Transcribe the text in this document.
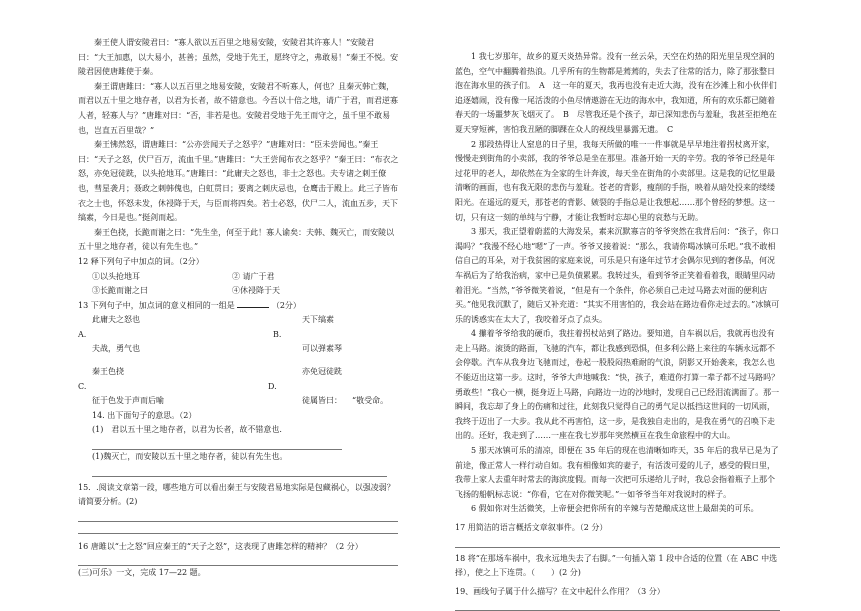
秦王使人谓安陵君曰：“寡人欲以五百里之地易安陵，安陵君其许寡人！”安陵君曰：“大王加惠，以大易小，甚善；虽然，受地于先王，愿终守之，弗敢易！”秦王不悦。安陵君因使唐雎使于秦。

秦王谓唐雎曰：“寡人以五百里之地易安陵，安陵君不听寡人，何也？且秦灭韩亡魏，而君以五十里之地存者，以君为长者，故不错意也。今吾以十倍之地，请广于君，而君逆寡人者，轻寡人与？”唐雎对曰：“否，非若是也。安陵君受地于先王而守之，虽千里不敢易也，岂直五百里哉？”

秦王怫然怒，谓唐雎曰：“公亦尝闻天子之怒乎？”唐雎对曰：“臣未尝闻也。”秦王曰：“天子之怒，伏尸百万，流血千里。”唐雎曰：“大王尝闻布衣之怒乎？”秦王曰：“布衣之怒，亦免冠徒跣，以头抢地耳。”唐雎曰：“此庸夫之怒也，非士之怒也。夫专诸之刺王僚也，彗星袭月；聂政之刺韩傀也，白虹贯日；要离之刺庆忌也，仓鹰击于殿上。此三子皆布衣之士也，怀怒未发，休祲降于天，与臣而将四矣。若士必怒，伏尸二人，流血五步，天下缟素，今日是也。”挺剑而起。

秦王色挠，长跪而谢之曰：“先生坐，何至于此！寡人谕矣：夫韩、魏灭亡，而安陵以五十里之地存者，徒以有先生也。”

12 释下列句子中加点的词。（2分）

①以头抢地耳	② 请广于君
③长跪而谢之曰	④休祲降于天

13 下列句子中，加点词的意义相同的一组是	（2分）

此庸夫之怒也	天下缟素
A.	B.
夫战，勇气也	可以弹素琴
秦王色挠	亦免冠徒跣
C.	D.
征于色发于声而后喻	徒属皆曰：	“敬受命。

14. 出下面句子的意思。（2）

(1)　君以五十里之地存者，以君为长者，故不错意也.

(1)魏灭亡，而安陵以五十里之地存者，徒以有先生也。

15．.阅读文章第一段，哪些地方可以看出秦王与安陵君易地实际是包藏祸心，以强凌弱？请简要分析。(2)

16 唐雎以“士之怒”回应秦王的“天子之怒”，这表现了唐雎怎样的精神？（2 分）

(三)可乐》一文，完成 17—22 题。

1 我七岁那年，故乡的夏天炎热异常。没有一丝云朵，天空在灼热的阳光里呈现空洞的蓝色，空气中翻腾着热浪。几乎所有的生物都是蔫蔫的，失去了往常的活力，除了那张整日泡在海水里的孩子们。　A　这一年的夏天，我再也没有走近大海，没有在沙滩上和小伙伴们追逐嬉闹，没有像一尾活泼的小鱼尽情遨游在无边的海水中，我知道，所有的欢乐都已随着春天的一场噩梦灰飞烟灭了。　B　尽管我还是个孩子，却已深知悲伤与羞耻，我甚至拒绝在夏天穿短裤，害怕我丑陋的脚踝在众人的视线里暴露无遗。　C

2 那段热得让人窒息的日子里，我每天所做的唯一一件事就是早早地注着拐杖离开家，慢慢走到街角的小卖部，我的爷爷总是坐在那里。准备开始一天的辛劳。我的爷爷已经是年过花甲的老人，却依然在为全家的生计奔波，每天坐在街角的小卖部里。这是我的记忆里最清晰的画面，也有我无限的悲伤与羞耻。苍老的背影，瘦削的手指，映着从暗处投来的缕缕阳光。在遥远的夏天，那苍老的背影、皴裂的手指总是让我想起……那个曾经的梦想。这一切，只有这一刻的单纯与宁静，才能让我暂时忘却心里的哀愁与无助。

3 那天，我正望着蔚蓝的大海发呆，素来沉默寡言的爷爷突然在我背后问：“孩子，你口渴吗？”我漫不经心地“嗯”了一声。爷爷又接着说：“那么，我请你喝冰镇可乐吧。”我不敢相信自己的耳朵，对于我贫困的家庭来说，可乐是只有逢年过节才会偶尔见到的奢侈品，何况车祸后为了给我治病，家中已是负债累累。我转过头，看到爷爷正笑着看着我，眼睛里闪动着泪光。“当然，”爷爷微笑着说，“但是有一个条件，你必须自己走过马路去对面的便利店买。”他见我沉默了，随后又补充道：“其实不用害怕的，我会站在路边看你走过去的。”冰镇可乐的诱惑实在太大了，我咬着牙点了点头。

4 攥着爷爷给我的硬币，我拄着拐杖站到了路边。要知道，自车祸以后，我就再也没有走上马路。滚烫的路面，飞驰的汽车，都让我感到恐惧，但多利公路上来往的车辆永远都不会停歇。汽车从我身边飞驰而过，卷起一股股闷热难耐的气浪，阴影又开始袭来，我怎么也不能迈出这第一步。这时，爷爷大声地喊我：“快，孩子，难道你打算一辈子都不过马路吗？勇敢些！”我心一横，挺身迈上马路，向路边一边的沙地时，发现自己已经泪流满面了。那一瞬间，我忘却了身上的伤痛和过往，此刻我只觉得自己的勇气足以抵挡这世间的一切风雨，我终于迈出了一大步。我从此不再害怕，这一步，是我独自走出的，是我在勇气的召唤下走出的。还好，我走到了……一座在我七岁那年突然横亘在我生命旅程中的大山。

5 那天冰镇可乐的清凉，即便在 35 年后的现在也清晰如昨天，35 年后的我早已是为了前途，像正常人一样行动自如。我有相像如宾的妻子，有活泼可爱的儿子，感受的假日里，我带上家人去重年时常去的海滨度假。而每一次把可乐递给儿子时，我总会指着瓶子上那个飞扬的船帆标志说：“你看，它在对你微笑呢。”一如爷爷当年对我说时的样子。

6 假如你对生活微笑，上帝便会把你所有的辛辣与苦楚酿成这世上最甜美的可乐。

17 用简洁的语言概括文章叙事件。（2 分）

18 将“在那场车祸中，我永远地失去了右脚。”一句插入第 1 段中合适的位置（在 ABC 中选择），使之上下连贯。（　　）(2 分)

19、画线句子属于什么描写？在文中起什么作用？（3 分）
